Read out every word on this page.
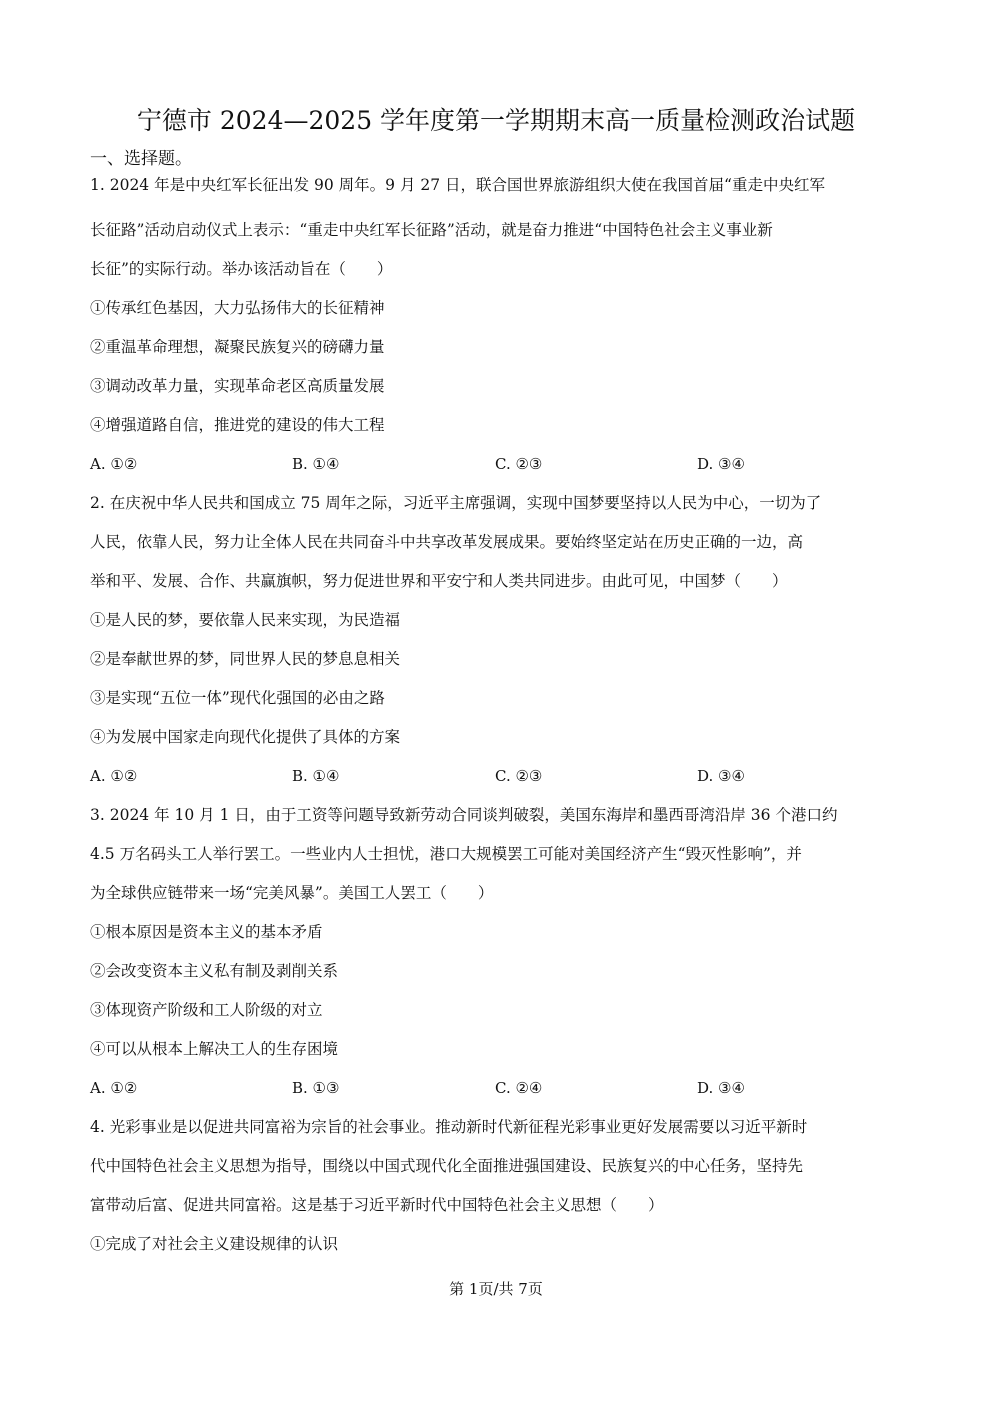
宁德市 2024—2025 学年度第一学期期末高一质量检测政治试题
一、选择题。
1. 2024 年是中央红军长征出发 90 周年。9 月 27 日，联合国世界旅游组织大使在我国首届“重走中央红军
长征路”活动启动仪式上表示：“重走中央红军长征路”活动，就是奋力推进“中国特色社会主义事业新
长征”的实际行动。举办该活动旨在（　　）
①传承红色基因，大力弘扬伟大的长征精神
②重温革命理想，凝聚民族复兴的磅礴力量
③调动改革力量，实现革命老区高质量发展
④增强道路自信，推进党的建设的伟大工程
A. ①②	B. ①④	C. ②③	D. ③④
2. 在庆祝中华人民共和国成立 75 周年之际，习近平主席强调，实现中国梦要坚持以人民为中心，一切为了
人民，依靠人民，努力让全体人民在共同奋斗中共享改革发展成果。要始终坚定站在历史正确的一边，高
举和平、发展、合作、共赢旗帜，努力促进世界和平安宁和人类共同进步。由此可见，中国梦（　　）
①是人民的梦，要依靠人民来实现，为民造福
②是奉献世界的梦，同世界人民的梦息息相关
③是实现“五位一体”现代化强国的必由之路
④为发展中国家走向现代化提供了具体的方案
A. ①②	B. ①④	C. ②③	D. ③④
3. 2024 年 10 月 1 日，由于工资等问题导致新劳动合同谈判破裂，美国东海岸和墨西哥湾沿岸 36 个港口约
4.5 万名码头工人举行罢工。一些业内人士担忧，港口大规模罢工可能对美国经济产生“毁灭性影响”，并
为全球供应链带来一场“完美风暴”。美国工人罢工（　　）
①根本原因是资本主义的基本矛盾
②会改变资本主义私有制及剥削关系
③体现资产阶级和工人阶级的对立
④可以从根本上解决工人的生存困境
A. ①②	B. ①③	C. ②④	D. ③④
4. 光彩事业是以促进共同富裕为宗旨的社会事业。推动新时代新征程光彩事业更好发展需要以习近平新时
代中国特色社会主义思想为指导，围绕以中国式现代化全面推进强国建设、民族复兴的中心任务，坚持先
富带动后富、促进共同富裕。这是基于习近平新时代中国特色社会主义思想（　　）
①完成了对社会主义建设规律的认识
第 1页/共 7页
